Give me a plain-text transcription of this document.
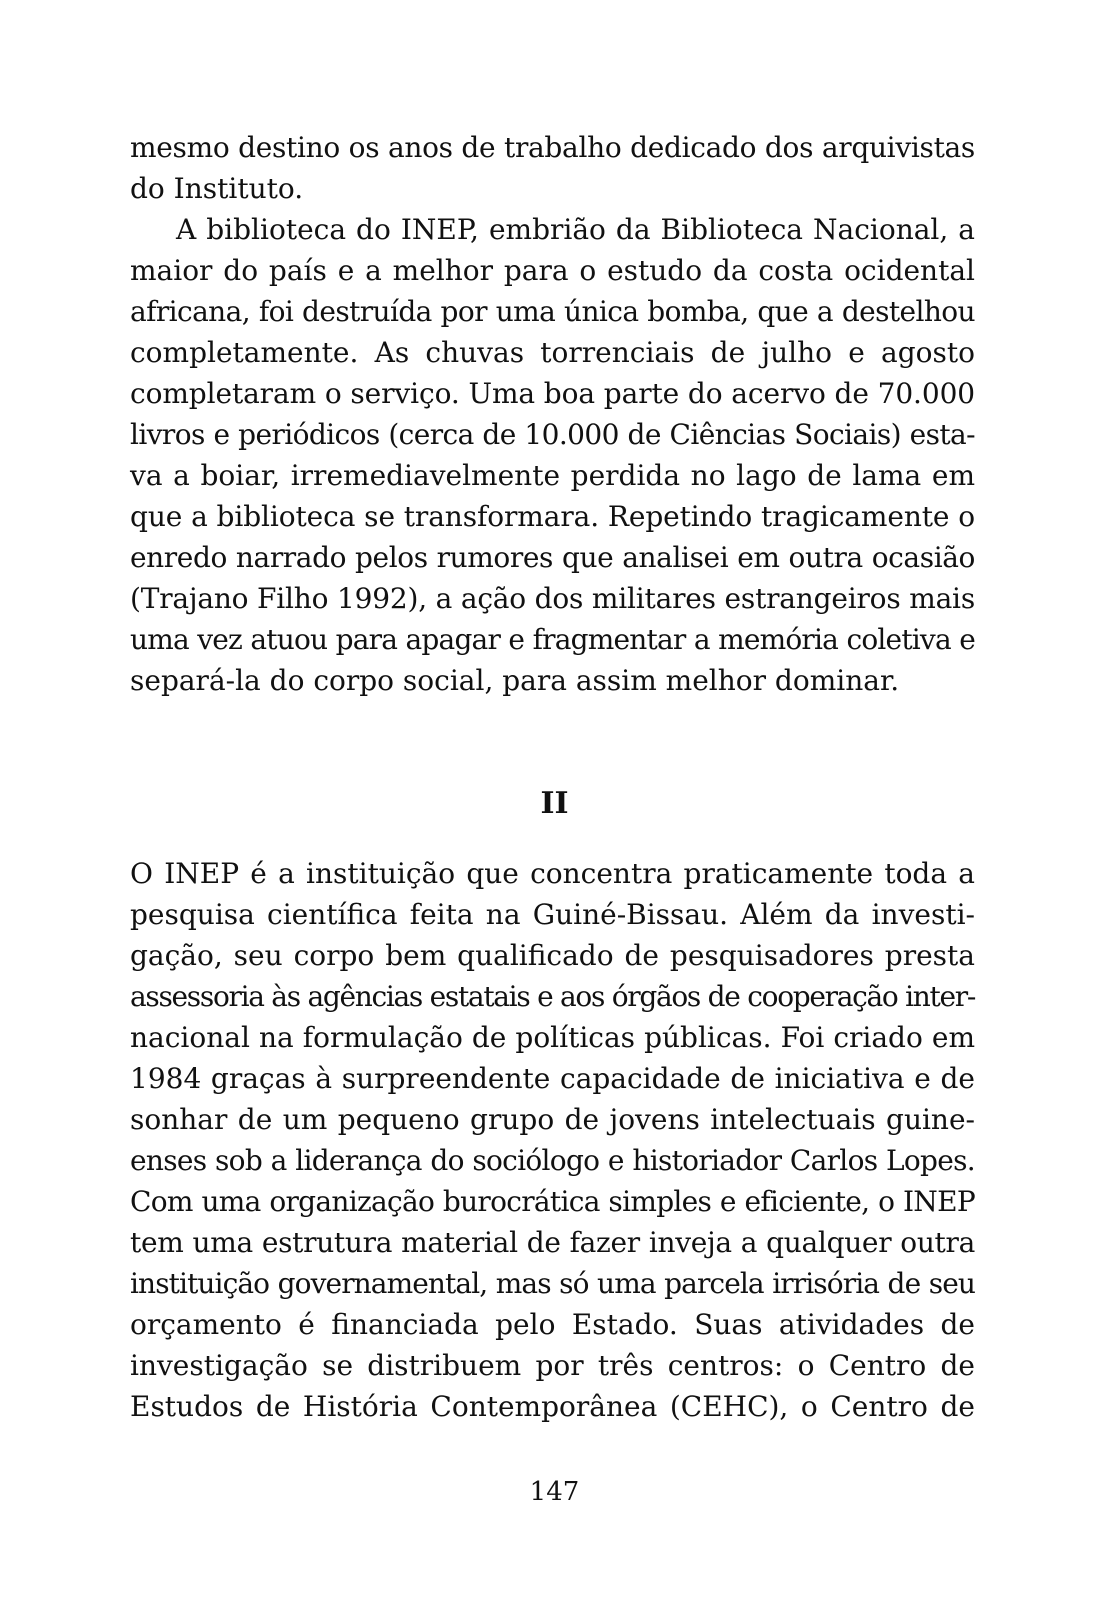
mesmo destino os anos de trabalho dedicado dos arquivistas
do Instituto.
A biblioteca do INEP, embrião da Biblioteca Nacional, a
maior do país e a melhor para o estudo da costa ocidental
africana, foi destruída por uma única bomba, que a destelhou
completamente. As chuvas torrenciais de julho e agosto
completaram o serviço. Uma boa parte do acervo de 70.000
livros e periódicos (cerca de 10.000 de Ciências Sociais) esta-
va a boiar, irremediavelmente perdida no lago de lama em
que a biblioteca se transformara. Repetindo tragicamente o
enredo narrado pelos rumores que analisei em outra ocasião
(Trajano Filho 1992), a ação dos militares estrangeiros mais
uma vez atuou para apagar e fragmentar a memória coletiva e
separá-la do corpo social, para assim melhor dominar.
II
O INEP é a instituição que concentra praticamente toda a
pesquisa científica feita na Guiné-Bissau. Além da investi-
gação, seu corpo bem qualificado de pesquisadores presta
assessoria às agências estatais e aos órgãos de cooperação inter-
nacional na formulação de políticas públicas. Foi criado em
1984 graças à surpreendente capacidade de iniciativa e de
sonhar de um pequeno grupo de jovens intelectuais guine-
enses sob a liderança do sociólogo e historiador Carlos Lopes.
Com uma organização burocrática simples e eficiente, o INEP
tem uma estrutura material de fazer inveja a qualquer outra
instituição governamental, mas só uma parcela irrisória de seu
orçamento é financiada pelo Estado. Suas atividades de
investigação se distribuem por três centros: o Centro de
Estudos de História Contemporânea (CEHC), o Centro de
147
